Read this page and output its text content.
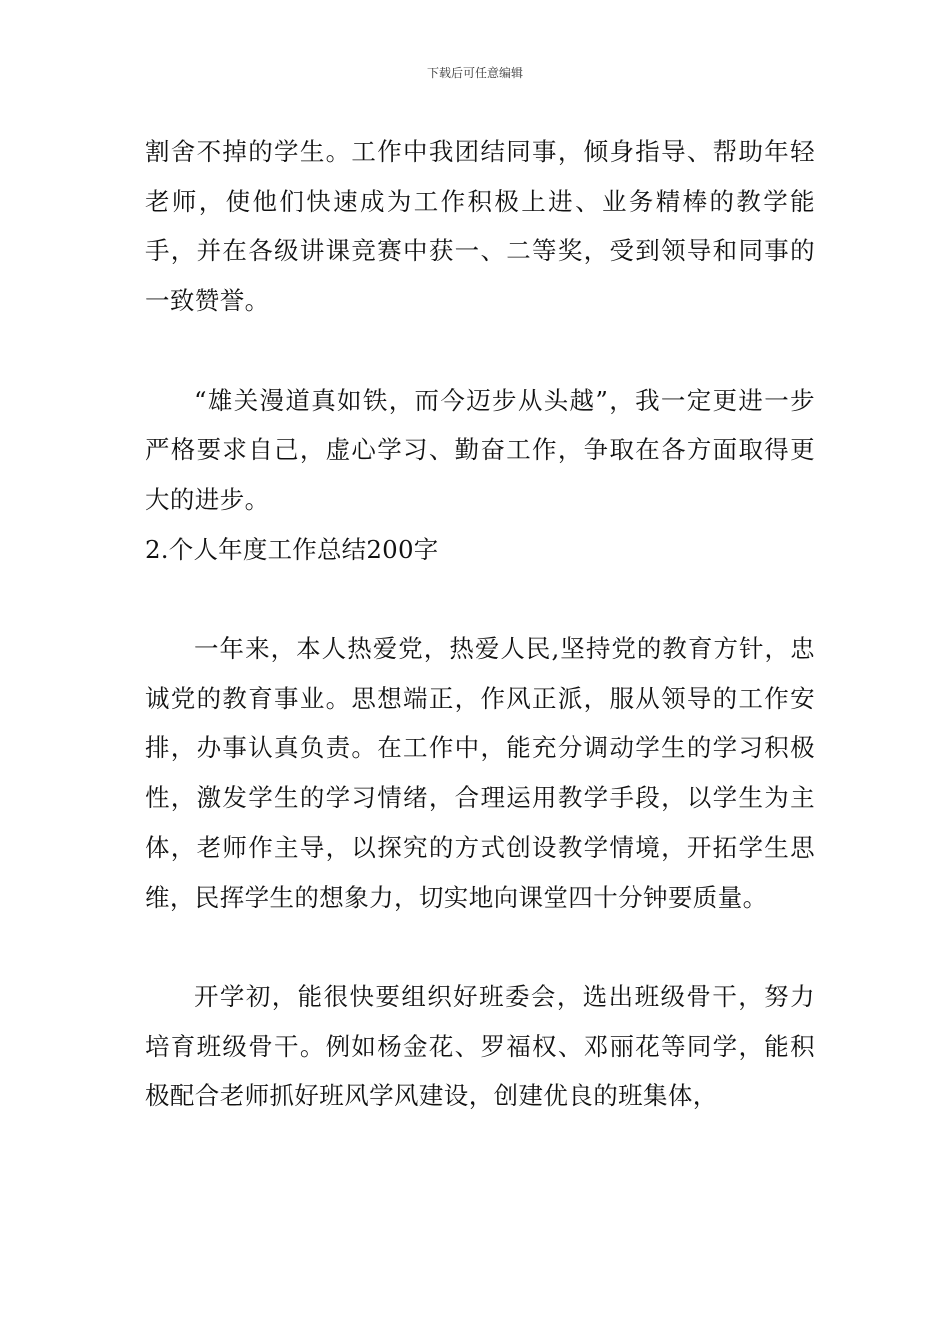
下载后可任意编辑

割舍不掉的学生。工作中我团结同事，倾身指导、帮助年轻老师，使他们快速成为工作积极上进、业务精棒的教学能手，并在各级讲课竞赛中获一、二等奖，受到领导和同事的一致赞誉。

“雄关漫道真如铁，而今迈步从头越”，我一定更进一步严格要求自己，虚心学习、勤奋工作，争取在各方面取得更大的进步。

2.个人年度工作总结200字

一年来，本人热爱党，热爱人民,坚持党的教育方针，忠诚党的教育事业。思想端正，作风正派，服从领导的工作安排，办事认真负责。在工作中，能充分调动学生的学习积极性，激发学生的学习情绪，合理运用教学手段，以学生为主体，老师作主导，以探究的方式创设教学情境，开拓学生思维，民挥学生的想象力，切实地向课堂四十分钟要质量。

开学初，能很快要组织好班委会，选出班级骨干，努力培育班级骨干。例如杨金花、罗福权、邓丽花等同学，能积极配合老师抓好班风学风建设，创建优良的班集体，
